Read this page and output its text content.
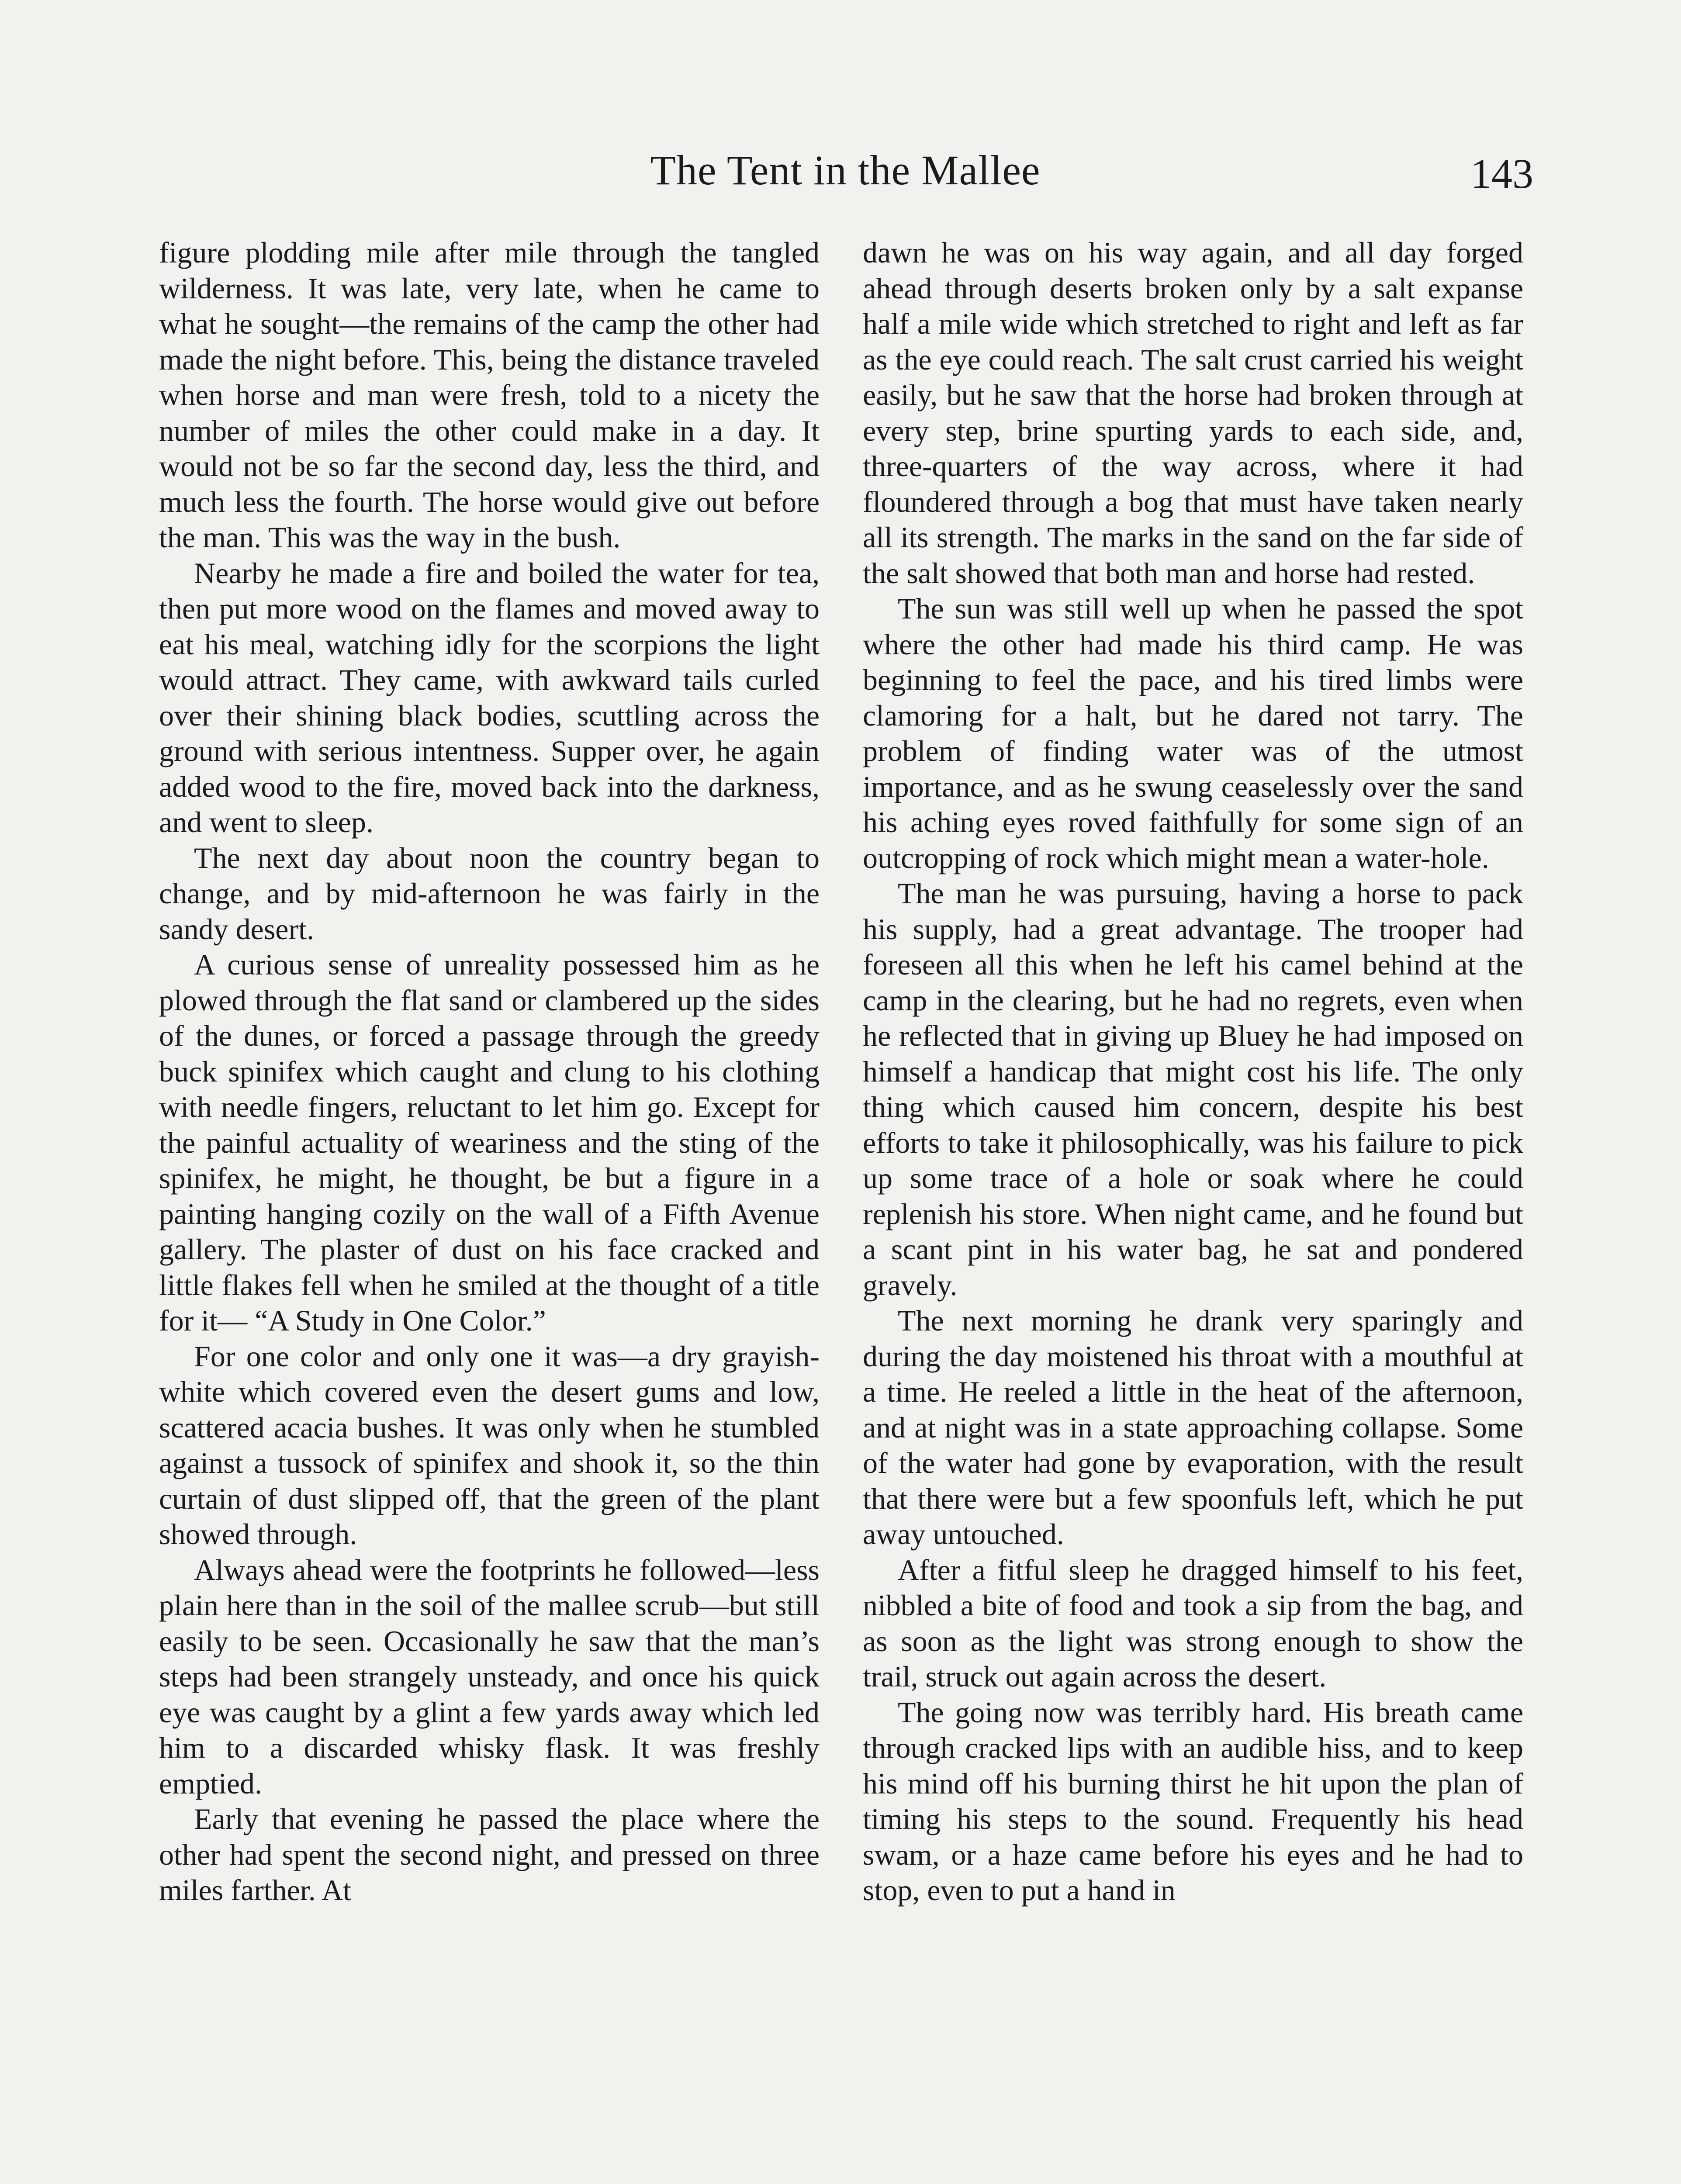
The Tent in the Mallee	143

figure plodding mile after mile through the tangled wilderness. It was late, very late, when he came to what he sought—the remains of the camp the other had made the night before. This, being the distance traveled when horse and man were fresh, told to a nicety the number of miles the other could make in a day. It would not be so far the second day, less the third, and much less the fourth. The horse would give out before the man. This was the way in the bush.

Nearby he made a fire and boiled the water for tea, then put more wood on the flames and moved away to eat his meal, watching idly for the scorpions the light would attract. They came, with awkward tails curled over their shining black bodies, scuttling across the ground with serious intentness. Supper over, he again added wood to the fire, moved back into the darkness, and went to sleep.

The next day about noon the country began to change, and by mid-afternoon he was fairly in the sandy desert.

A curious sense of unreality possessed him as he plowed through the flat sand or clambered up the sides of the dunes, or forced a passage through the greedy buck spinifex which caught and clung to his clothing with needle fingers, reluctant to let him go. Except for the painful actuality of weariness and the sting of the spinifex, he might, he thought, be but a figure in a painting hanging cozily on the wall of a Fifth Avenue gallery. The plaster of dust on his face cracked and little flakes fell when he smiled at the thought of a title for it— “A Study in One Color.”

For one color and only one it was—a dry grayish-white which covered even the desert gums and low, scattered acacia bushes. It was only when he stumbled against a tussock of spinifex and shook it, so the thin curtain of dust slipped off, that the green of the plant showed through.

Always ahead were the footprints he followed—less plain here than in the soil of the mallee scrub—but still easily to be seen. Occasionally he saw that the man’s steps had been strangely unsteady, and once his quick eye was caught by a glint a few yards away which led him to a discarded whisky flask. It was freshly emptied.

Early that evening he passed the place where the other had spent the second night, and pressed on three miles farther. At

dawn he was on his way again, and all day forged ahead through deserts broken only by a salt expanse half a mile wide which stretched to right and left as far as the eye could reach. The salt crust carried his weight easily, but he saw that the horse had broken through at every step, brine spurting yards to each side, and, three-quarters of the way across, where it had floundered through a bog that must have taken nearly all its strength. The marks in the sand on the far side of the salt showed that both man and horse had rested.

The sun was still well up when he passed the spot where the other had made his third camp. He was beginning to feel the pace, and his tired limbs were clamoring for a halt, but he dared not tarry. The problem of finding water was of the utmost importance, and as he swung ceaselessly over the sand his aching eyes roved faithfully for some sign of an outcropping of rock which might mean a water-hole.

The man he was pursuing, having a horse to pack his supply, had a great advantage. The trooper had foreseen all this when he left his camel behind at the camp in the clearing, but he had no regrets, even when he reflected that in giving up Bluey he had imposed on himself a handicap that might cost his life. The only thing which caused him concern, despite his best efforts to take it philosophically, was his failure to pick up some trace of a hole or soak where he could replenish his store. When night came, and he found but a scant pint in his water bag, he sat and pondered gravely.

The next morning he drank very sparingly and during the day moistened his throat with a mouthful at a time. He reeled a little in the heat of the afternoon, and at night was in a state approaching collapse. Some of the water had gone by evaporation, with the result that there were but a few spoonfuls left, which he put away untouched.

After a fitful sleep he dragged himself to his feet, nibbled a bite of food and took a sip from the bag, and as soon as the light was strong enough to show the trail, struck out again across the desert.

The going now was terribly hard. His breath came through cracked lips with an audible hiss, and to keep his mind off his burning thirst he hit upon the plan of timing his steps to the sound. Frequently his head swam, or a haze came before his eyes and he had to stop, even to put a hand in
